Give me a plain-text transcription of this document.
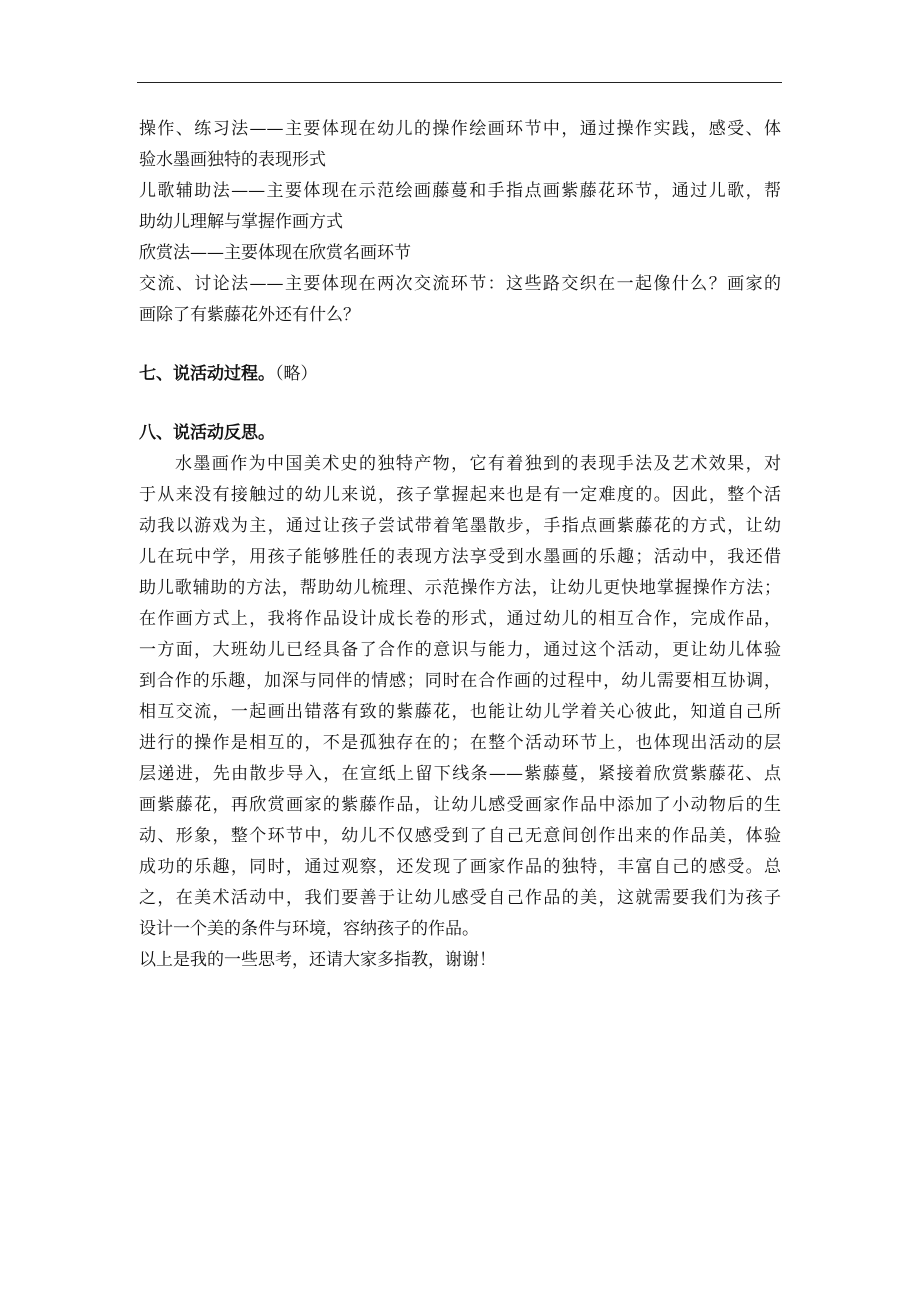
操作、练习法——主要体现在幼儿的操作绘画环节中，通过操作实践，感受、体
验水墨画独特的表现形式
儿歌辅助法——主要体现在示范绘画藤蔓和手指点画紫藤花环节，通过儿歌，帮
助幼儿理解与掌握作画方式
欣赏法——主要体现在欣赏名画环节
交流、讨论法——主要体现在两次交流环节：这些路交织在一起像什么？画家的
画除了有紫藤花外还有什么？
七、说活动过程。（略）
八、说活动反思。
水墨画作为中国美术史的独特产物，它有着独到的表现手法及艺术效果，对
于从来没有接触过的幼儿来说，孩子掌握起来也是有一定难度的。因此，整个活
动我以游戏为主，通过让孩子尝试带着笔墨散步，手指点画紫藤花的方式，让幼
儿在玩中学，用孩子能够胜任的表现方法享受到水墨画的乐趣；活动中，我还借
助儿歌辅助的方法，帮助幼儿梳理、示范操作方法，让幼儿更快地掌握操作方法；
在作画方式上，我将作品设计成长卷的形式，通过幼儿的相互合作，完成作品，
一方面，大班幼儿已经具备了合作的意识与能力，通过这个活动，更让幼儿体验
到合作的乐趣，加深与同伴的情感；同时在合作画的过程中，幼儿需要相互协调，
相互交流，一起画出错落有致的紫藤花，也能让幼儿学着关心彼此，知道自己所
进行的操作是相互的，不是孤独存在的；在整个活动环节上，也体现出活动的层
层递进，先由散步导入，在宣纸上留下线条——紫藤蔓，紧接着欣赏紫藤花、点
画紫藤花，再欣赏画家的紫藤作品，让幼儿感受画家作品中添加了小动物后的生
动、形象，整个环节中，幼儿不仅感受到了自己无意间创作出来的作品美，体验
成功的乐趣，同时，通过观察，还发现了画家作品的独特，丰富自己的感受。总
之，在美术活动中，我们要善于让幼儿感受自己作品的美，这就需要我们为孩子
设计一个美的条件与环境，容纳孩子的作品。
以上是我的一些思考，还请大家多指教，谢谢！
